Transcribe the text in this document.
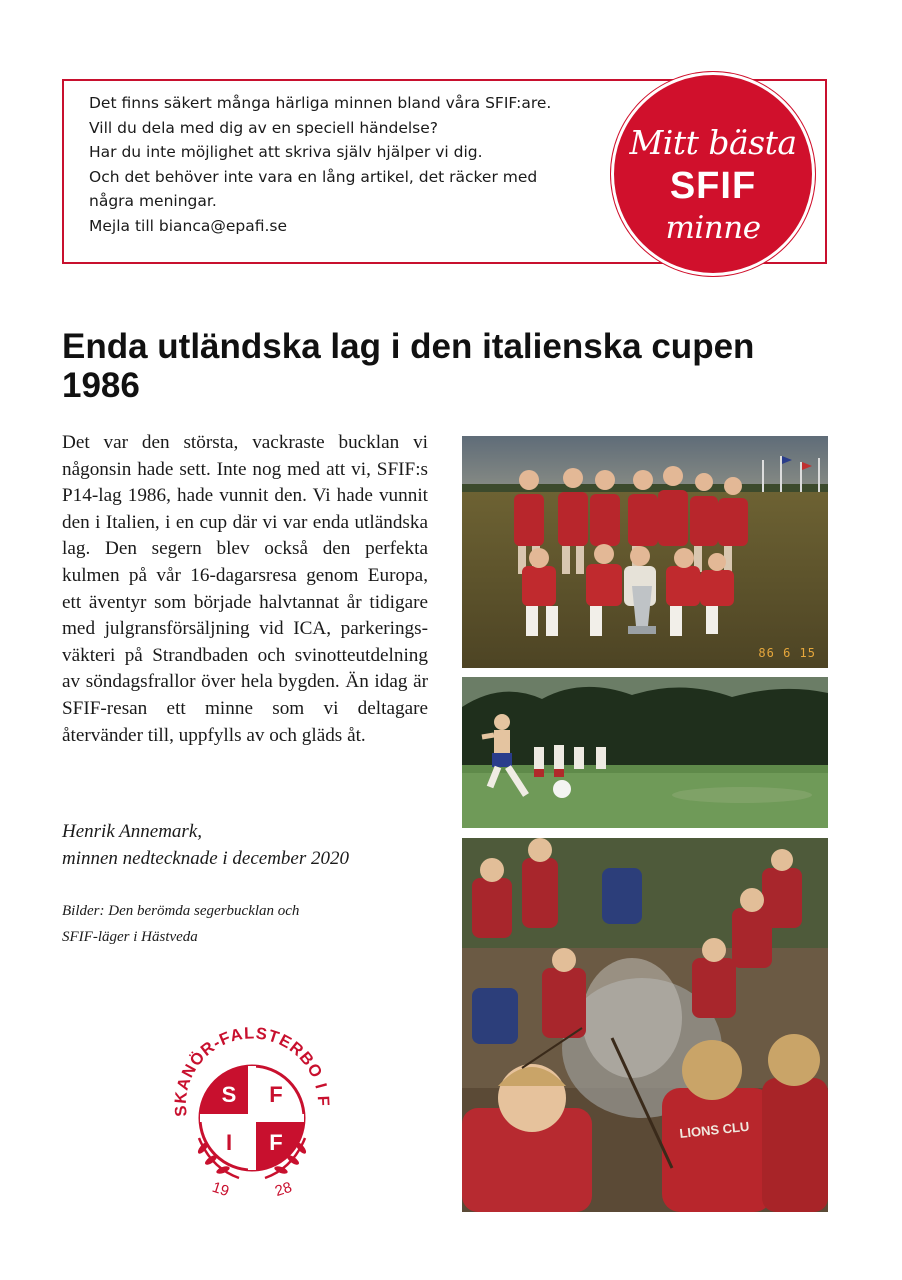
Det finns säkert många härliga minnen bland våra SFIF:are.
Vill du dela med dig av en speciell händelse?
Har du inte möjlighet att skriva själv hjälper vi dig.
Och det behöver inte vara en lång artikel, det räcker med
några meningar.
Mejla till bianca@epafi.se
Mitt bästa
SFIF
minne
Enda utländska lag i den italienska cupen 1986

Det var den största, vackraste bucklan vi någonsin hade sett. Inte nog med att vi, SFIF:s P14-lag 1986, hade vunnit den. Vi hade vunnit den i Italien, i en cup där vi var enda utländska lag. Den segern blev också den perfekta kulmen på vår 16-dagarsresa genom Europa, ett äventyr som började halvtannat år tidigare med julgransförsäljning vid ICA, parkeringsväkteri på Strandbaden och svinotteutdelning av söndagsfrallor över hela bygden. Än idag är SFIF-resan ett minne som vi deltagare återvänder till, uppfylls av och gläds åt.

Henrik Annemark,
minnen nedtecknade i december 2020
Bilder: Den berömda segerbucklan och
SFIF-läger i Hästveda
86 6 15
LIONS CLU
SKANÖR-FALSTERBO I F
S F
I F
19	28
